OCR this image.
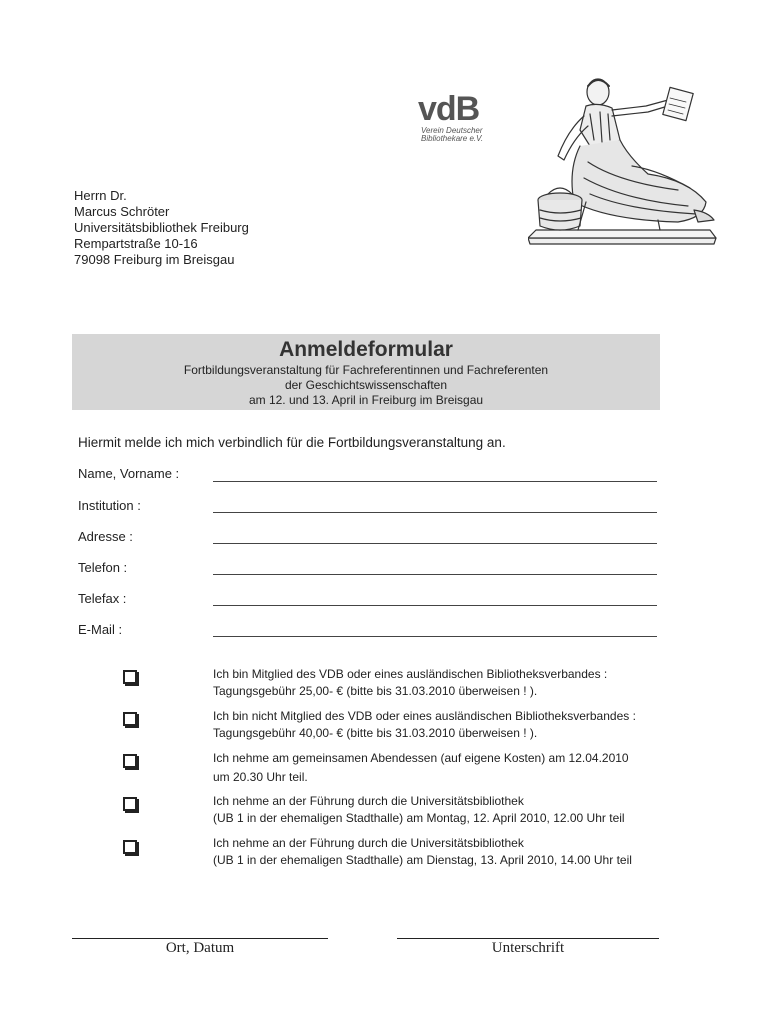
vdB
Verein Deutscher
Bibliothekare e.V.
Herrn Dr.
Marcus Schröter
Universitätsbibliothek Freiburg
Rempartstraße 10-16
79098 Freiburg im Breisgau
Anmeldeformular
Fortbildungsveranstaltung für Fachreferentinnen und Fachreferenten
der Geschichtswissenschaften
am 12. und 13. April in Freiburg im Breisgau
Hiermit melde ich mich verbindlich für die Fortbildungsveranstaltung an.
Name, Vorname :
Institution :
Adresse :
Telefon :
Telefax :
E-Mail :
Ich bin Mitglied des VDB oder eines ausländischen Bibliotheksverbandes :
Tagungsgebühr 25,00- € (bitte bis 31.03.2010 überweisen ! ).
Ich bin nicht Mitglied des VDB oder eines ausländischen Bibliotheksverbandes :
Tagungsgebühr 40,00- € (bitte bis 31.03.2010 überweisen ! ).
Ich nehme am gemeinsamen Abendessen (auf eigene Kosten) am 12.04.2010
um 20.30 Uhr teil.
Ich nehme an der Führung durch die Universitätsbibliothek
(UB 1 in der ehemaligen Stadthalle) am Montag, 12. April 2010, 12.00 Uhr teil
Ich nehme an der Führung durch die Universitätsbibliothek
(UB 1 in der ehemaligen Stadthalle) am Dienstag, 13. April 2010, 14.00 Uhr teil
Ort, Datum	Unterschrift
